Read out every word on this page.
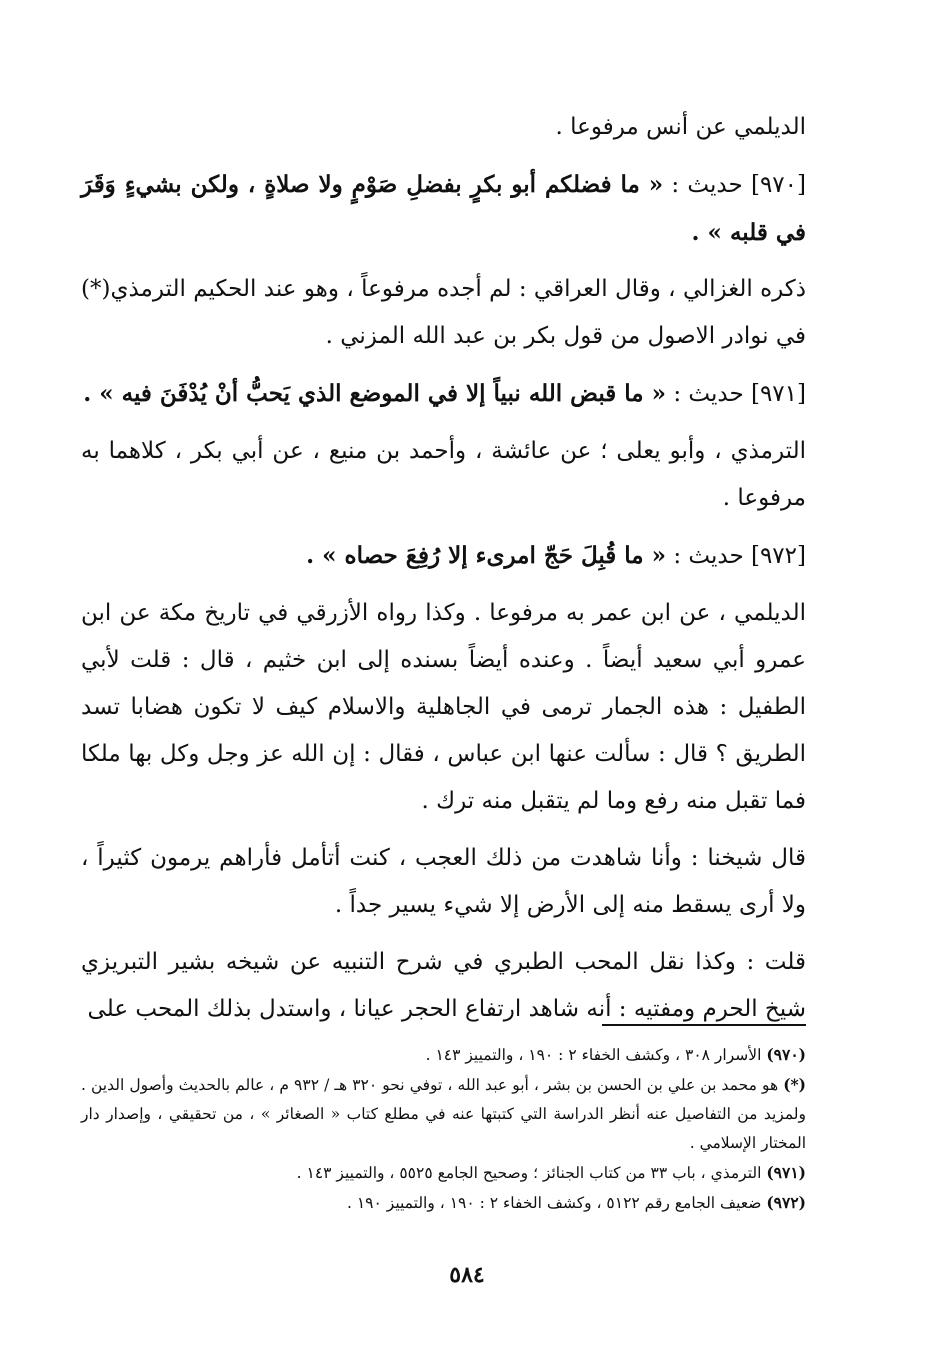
الديلمي عن أنس مرفوعا .

[٩٧٠] حديث : « ما فضلكم أبو بكرٍ بفضلِ صَوْمٍ ولا صلاةٍ ، ولكن بشيءٍ وَقَرَ في قلبه » .

ذكره الغزالي ، وقال العراقي : لم أجده مرفوعاً ، وهو عند الحكيم الترمذي(*) في نوادر الاصول من قول بكر بن عبد الله المزني .

[٩٧١] حديث : « ما قبض الله نبياً إلا في الموضع الذي يَحبُّ أنْ يُدْفَنَ فيه » .

الترمذي ، وأبو يعلى ؛ عن عائشة ، وأحمد بن منيع ، عن أبي بكر ، كلاهما به مرفوعا .

[٩٧٢] حديث : « ما قُبِلَ حَجّ امرىء إلا رُفِعَ حصاه » .

الديلمي ، عن ابن عمر به مرفوعا . وكذا رواه الأزرقي في تاريخ مكة عن ابن عمرو أبي سعيد أيضاً . وعنده أيضاً بسنده إلى ابن خثيم ، قال : قلت لأبي الطفيل : هذه الجمار ترمى في الجاهلية والاسلام كيف لا تكون هضابا تسد الطريق ؟ قال : سألت عنها ابن عباس ، فقال : إن الله عز وجل وكل بها ملكا فما تقبل منه رفع وما لم يتقبل منه ترك .

قال شيخنا : وأنا شاهدت من ذلك العجب ، كنت أتأمل فأراهم يرمون كثيراً ، ولا أرى يسقط منه إلى الأرض إلا شيء يسير جداً .

قلت : وكذا نقل المحب الطبري في شرح التنبيه عن شيخه بشير التبريزي شيخ الحرم ومفتيه : أنه شاهد ارتفاع الحجر عيانا ، واستدل بذلك المحب على

(٩٧٠) الأسرار ٣٠٨ ، وكشف الخفاء ٢ : ١٩٠ ، والتمييز ١٤٣ .

(*) هو محمد بن علي بن الحسن بن بشر ، أبو عبد الله ، توفي نحو ٣٢٠ هـ / ٩٣٢ م ، عالم بالحديث وأصول الدين . ولمزيد من التفاصيل عنه أنظر الدراسة التي كتبتها عنه في مطلع كتاب « الصغائر » ، من تحقيقي ، وإصدار دار المختار الإسلامي .

(٩٧١) الترمذي ، باب ٣٣ من كتاب الجنائز ؛ وصحيح الجامع ٥٥٢٥ ، والتمييز ١٤٣ .

(٩٧٢) ضعيف الجامع رقم ٥١٢٢ ، وكشف الخفاء ٢ : ١٩٠ ، والتمييز ١٩٠ .

٥٨٤
